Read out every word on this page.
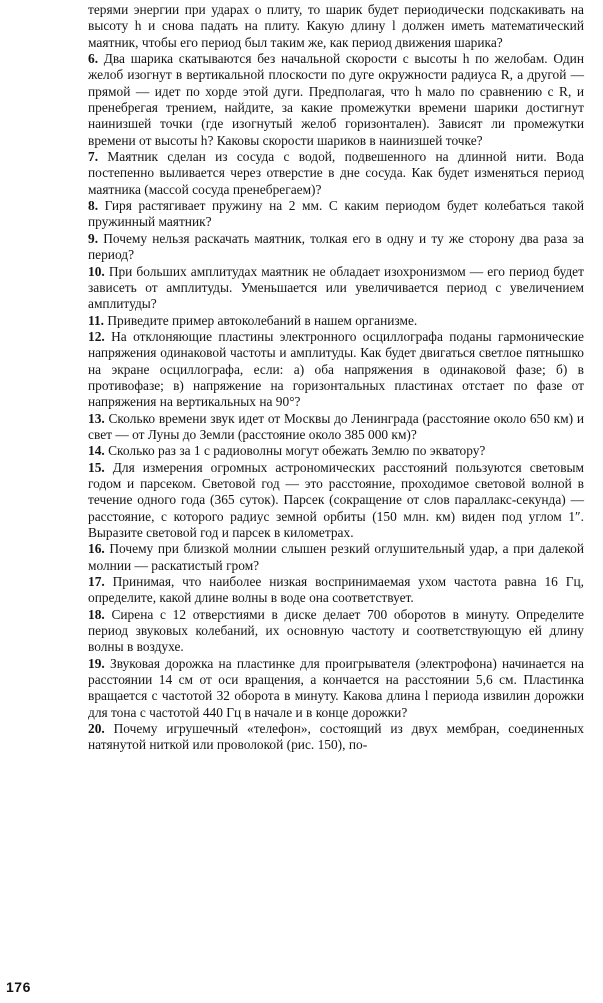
терями энергии при ударах о плиту, то шарик будет периодически подскакивать на высоту h и снова падать на плиту. Какую длину l должен иметь математический маятник, чтобы его период был таким же, как период движения шарика?

6. Два шарика скатываются без начальной скорости с высоты h по желобам. Один желоб изогнут в вертикальной плоскости по дуге окружности радиуса R, а другой — прямой — идет по хорде этой дуги. Предполагая, что h мало по сравнению с R, и пренебрегая трением, найдите, за какие промежутки времени шарики достигнут наинизшей точки (где изогнутый желоб горизонтален). Зависят ли промежутки времени от высоты h? Каковы скорости шариков в наинизшей точке?

7. Маятник сделан из сосуда с водой, подвешенного на длинной нити. Вода постепенно выливается через отверстие в дне сосуда. Как будет изменяться период маятника (массой сосуда пренебрегаем)?

8. Гиря растягивает пружину на 2 мм. С каким периодом будет колебаться такой пружинный маятник?

9. Почему нельзя раскачать маятник, толкая его в одну и ту же сторону два раза за период?

10. При больших амплитудах маятник не обладает изохронизмом — его период будет зависеть от амплитуды. Уменьшается или увеличивается период с увеличением амплитуды?

11. Приведите пример автоколебаний в нашем организме.

12. На отклоняющие пластины электронного осциллографа поданы гармонические напряжения одинаковой частоты и амплитуды. Как будет двигаться светлое пятнышко на экране осциллографа, если: а) оба напряжения в одинаковой фазе; б) в противофазе; в) напряжение на горизонтальных пластинах отстает по фазе от напряжения на вертикальных на 90°?

13. Сколько времени звук идет от Москвы до Ленинграда (расстояние около 650 км) и свет — от Луны до Земли (расстояние около 385 000 км)?

14. Сколько раз за 1 с радиоволны могут обежать Землю по экватору?

15. Для измерения огромных астрономических расстояний пользуются световым годом и парсеком. Световой год — это расстояние, проходимое световой волной в течение одного года (365 суток). Парсек (сокращение от слов параллакс-секунда) — расстояние, с которого радиус земной орбиты (150 млн. км) виден под углом 1″. Выразите световой год и парсек в километрах.

16. Почему при близкой молнии слышен резкий оглушительный удар, а при далекой молнии — раскатистый гром?

17. Принимая, что наиболее низкая воспринимаемая ухом частота равна 16 Гц, определите, какой длине волны в воде она соответствует.

18. Сирена с 12 отверстиями в диске делает 700 оборотов в минуту. Определите период звуковых колебаний, их основную частоту и соответствующую ей длину волны в воздухе.

19. Звуковая дорожка на пластинке для проигрывателя (электрофона) начинается на расстоянии 14 см от оси вращения, а кончается на расстоянии 5,6 см. Пластинка вращается с частотой 32 оборота в минуту. Какова длина l периода извилин дорожки для тона с частотой 440 Гц в начале и в конце дорожки?

20. Почему игрушечный «телефон», состоящий из двух мембран, соединенных натянутой ниткой или проволокой (рис. 150), по-

176
